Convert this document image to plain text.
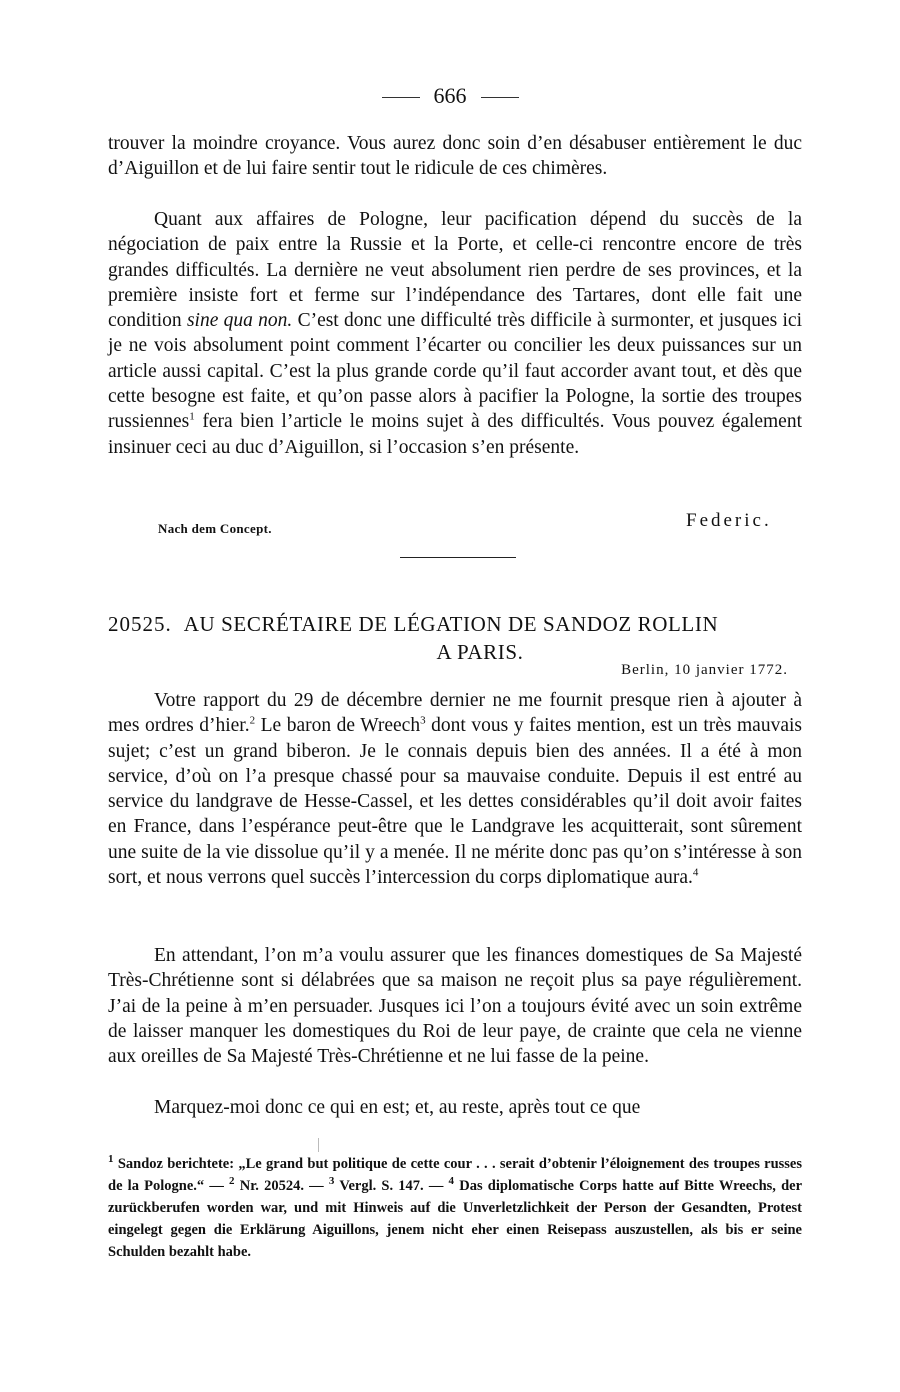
666

trouver la moindre croyance. Vous aurez donc soin d’en désabuser entièrement le duc d’Aiguillon et de lui faire sentir tout le ridicule de ces chimères.

Quant aux affaires de Pologne, leur pacification dépend du succès de la négociation de paix entre la Russie et la Porte, et celle-ci rencontre encore de très grandes difficultés. La dernière ne veut absolument rien perdre de ses provinces, et la première insiste fort et ferme sur l’indépendance des Tartares, dont elle fait une condition sine qua non. C’est donc une difficulté très difficile à surmonter, et jusques ici je ne vois absolument point comment l’écarter ou concilier les deux puissances sur un article aussi capital. C’est la plus grande corde qu’il faut accorder avant tout, et dès que cette besogne est faite, et qu’on passe alors à pacifier la Pologne, la sortie des troupes russiennes$^1$ fera bien l’article le moins sujet à des difficultés. Vous pouvez également insinuer ceci au duc d’Aiguillon, si l’occasion s’en présente.

Nach dem Concept.	Federic.
20525. AU SECRÉTAIRE DE LÉGATION DE SANDOZ ROLLIN
A PARIS.
Berlin, 10 janvier 1772.

Votre rapport du 29 de décembre dernier ne me fournit presque rien à ajouter à mes ordres d’hier.$^2$ Le baron de Wreech$^3$ dont vous y faites mention, est un très mauvais sujet; c’est un grand biberon. Je le connais depuis bien des années. Il a été à mon service, d’où on l’a presque chassé pour sa mauvaise conduite. Depuis il est entré au service du landgrave de Hesse-Cassel, et les dettes considérables qu’il doit avoir faites en France, dans l’espérance peut-être que le Landgrave les acquitterait, sont sûrement une suite de la vie dissolue qu’il y a menée. Il ne mérite donc pas qu’on s’intéresse à son sort, et nous verrons quel succès l’intercession du corps diplomatique aura.$^4$

En attendant, l’on m’a voulu assurer que les finances domestiques de Sa Majesté Très-Chrétienne sont si délabrées que sa maison ne reçoit plus sa paye régulièrement. J’ai de la peine à m’en persuader. Jusques ici l’on a toujours évité avec un soin extrême de laisser manquer les domestiques du Roi de leur paye, de crainte que cela ne vienne aux oreilles de Sa Majesté Très-Chrétienne et ne lui fasse de la peine.

Marquez-moi donc ce qui en est; et, au reste, après tout ce que

$^1$ Sandoz berichtete: „Le grand but politique de cette cour . . . serait d’obtenir l’éloignement des troupes russes de la Pologne.“ — $^2$ Nr. 20524. — $^3$ Vergl. S. 147. — $^4$ Das diplomatische Corps hatte auf Bitte Wreechs, der zurückberufen worden war, und mit Hinweis auf die Unverletzlichkeit der Person der Gesandten, Protest eingelegt gegen die Erklärung Aiguillons, jenem nicht eher einen Reisepass auszustellen, als bis er seine Schulden bezahlt habe.
